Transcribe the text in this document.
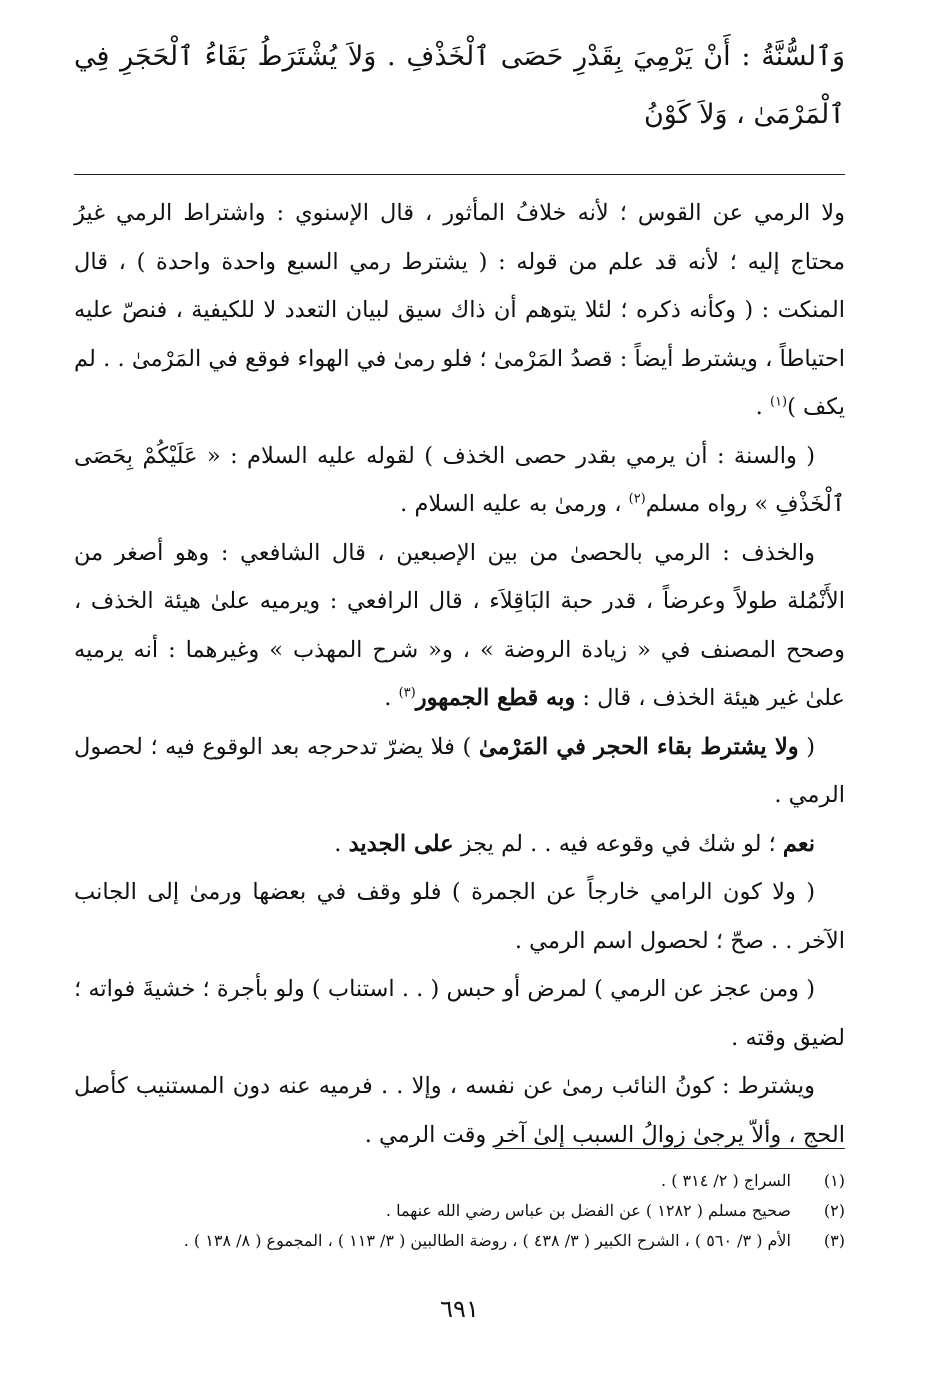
وَٱلسُّنَّةُ : أَنْ يَرْمِيَ بِقَدْرِ حَصَى ٱلْخَذْفِ . وَلاَ يُشْتَرَطُ بَقَاءُ ٱلْحَجَرِ فِي ٱلْمَرْمَىٰ ، وَلاَ كَوْنُ

ولا الرمي عن القوس ؛ لأنه خلافُ المأثور ، قال الإسنوي : واشتراط الرمي غيرُ محتاج إليه ؛ لأنه قد علم من قوله : ( يشترط رمي السبع واحدة واحدة ) ، قال المنكت : ( وكأنه ذكره ؛ لئلا يتوهم أن ذاك سيق لبيان التعدد لا للكيفية ، فنصّ عليه احتياطاً ، ويشترط أيضاً : قصدُ المَرْمىٰ ؛ فلو رمىٰ في الهواء فوقع في المَرْمىٰ . . لم يكف )$^{(١)}$ .

( والسنة : أن يرمي بقدر حصى الخذف ) لقوله عليه السلام : « عَلَيْكُمْ بِحَصَى ٱلْخَذْفِ » رواه مسلم$^{(٢)}$ ، ورمىٰ به عليه السلام .

والخذف : الرمي بالحصىٰ من بين الإصبعين ، قال الشافعي : وهو أصغر من الأَنْمُلة طولاً وعرضاً ، قدر حبة البَاقِلاَء ، قال الرافعي : ويرميه علىٰ هيئة الخذف ، وصحح المصنف في « زيادة الروضة » ، و« شرح المهذب » وغيرهما : أنه يرميه علىٰ غير هيئة الخذف ، قال : وبه قطع الجمهور$^{(٣)}$ .

( ولا يشترط بقاء الحجر في المَرْمىٰ ) فلا يضرّ تدحرجه بعد الوقوع فيه ؛ لحصول الرمي .

نعم ؛ لو شك في وقوعه فيه . . لم يجز على الجديد .

( ولا كون الرامي خارجاً عن الجمرة ) فلو وقف في بعضها ورمىٰ إلى الجانب الآخر . . صحّ ؛ لحصول اسم الرمي .

( ومن عجز عن الرمي ) لمرض أو حبس ( . . استناب ) ولو بأجرة ؛ خشيةَ فواته ؛ لضيق وقته .

ويشترط : كونُ النائب رمىٰ عن نفسه ، وإلا . . فرميه عنه دون المستنيب كأصل الحج ، وألاّ يرجىٰ زوالُ السبب إلىٰ آخر وقت الرمي .

(١)
السراج ( ٢/ ٣١٤ ) .
(٢)
صحيح مسلم ( ١٢٨٢ ) عن الفضل بن عباس رضي الله عنهما .
(٣)
الأم ( ٣/ ٥٦٠ ) ، الشرح الكبير ( ٣/ ٤٣٨ ) ، روضة الطالبين ( ٣/ ١١٣ ) ، المجموع ( ٨/ ١٣٨ ) .
٦٩١
